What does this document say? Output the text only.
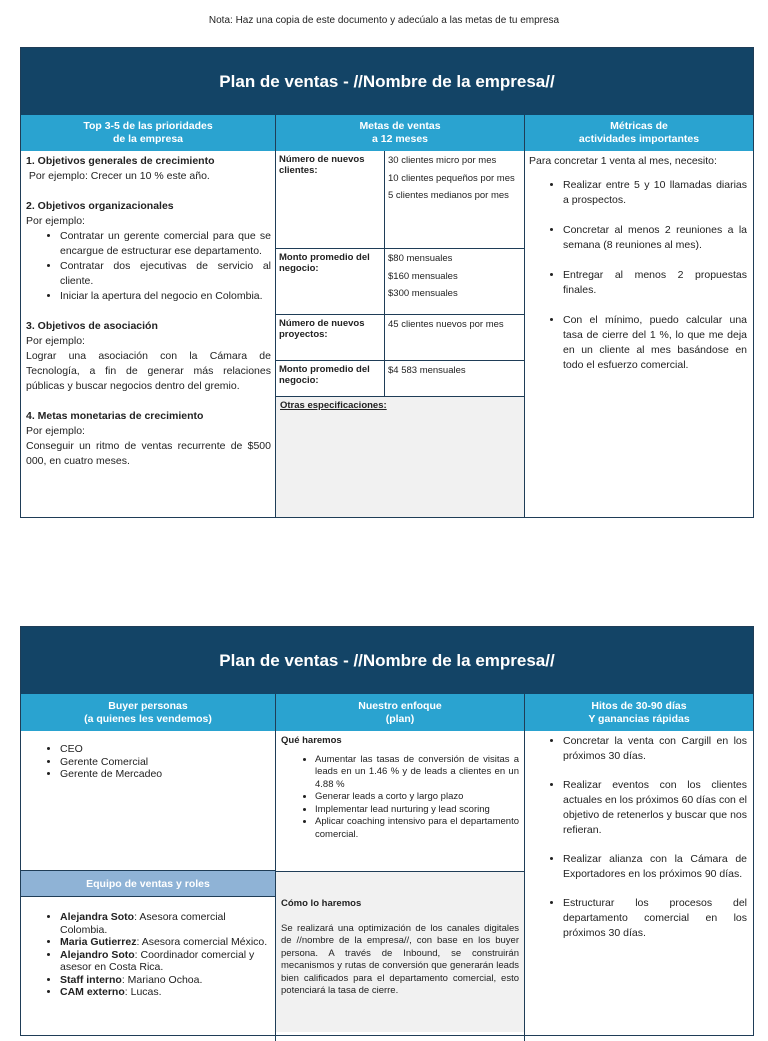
Nota: Haz una copia de este documento y adecúalo a las metas de tu empresa
Plan de ventas - //Nombre de la empresa//
Top 3-5 de las prioridades
de la empresa
Metas de ventas
a 12 meses
Métricas de
actividades importantes

1. Objetivos generales de crecimiento

Por ejemplo: Crecer un 10 % este año.

2. Objetivos organizacionales

Por ejemplo:

• Contratar un gerente comercial para que se encargue de estructurar ese departamento.
• Contratar dos ejecutivas de servicio al cliente.
• Iniciar la apertura del negocio en Colombia.

3. Objetivos de asociación

Por ejemplo:

Lograr una asociación con la Cámara de Tecnología, a fin de generar más relaciones públicas y buscar negocios dentro del gremio.

4. Metas monetarias de crecimiento

Por ejemplo:

Conseguir un ritmo de ventas recurrente de $500 000, en cuatro meses.

Número de nuevos clientes:
30 clientes micro por mes
10 clientes pequeños por mes
5 clientes medianos por mes
Monto promedio del negocio:
$80 mensuales
$160 mensuales
$300 mensuales
Número de nuevos proyectos:
45 clientes nuevos por mes
Monto promedio del negocio:
$4 583 mensuales
Otras especificaciones:

Para concretar 1 venta al mes, necesito:

• Realizar entre 5 y 10 llamadas diarias a prospectos.
• Concretar al menos 2 reuniones a la semana (8 reuniones al mes).
• Entregar al menos 2 propuestas finales.
• Con el mínimo, puedo calcular una tasa de cierre del 1 %, lo que me deja en un cliente al mes basándose en todo el esfuerzo comercial.
Plan de ventas - //Nombre de la empresa//
Buyer personas
(a quienes les vendemos)
Nuestro enfoque
(plan)
Hitos de 30-90 días
Y ganancias rápidas
• CEO
• Gerente Comercial
• Gerente de Mercadeo
Equipo de ventas y roles
• Alejandra Soto: Asesora comercial Colombia.
• Maria Gutierrez: Asesora comercial México.
• Alejandro Soto: Coordinador comercial y asesor en Costa Rica.
• Staff interno: Mariano Ochoa.
• CAM externo: Lucas.

Qué haremos

• Aumentar las tasas de conversión de visitas a leads en un 1.46 % y de leads a clientes en un 4.88 %
• Generar leads a corto y largo plazo
• Implementar lead nurturing y lead scoring
• Aplicar coaching intensivo para el departamento comercial.

Cómo lo haremos

Se realizará una optimización de los canales digitales de //nombre de la empresa//, con base en los buyer persona. A través de Inbound, se construirán mecanismos y rutas de conversión que generarán leads bien calificados para el departamento comercial, esto potenciará la tasa de cierre.

• Concretar la venta con Cargill en los próximos 30 días.
• Realizar eventos con los clientes actuales en los próximos 60 días con el objetivo de retenerlos y buscar que nos refieran.
• Realizar alianza con la Cámara de Exportadores en los próximos 90 días.
• Estructurar los procesos del departamento comercial en los próximos 30 días.
